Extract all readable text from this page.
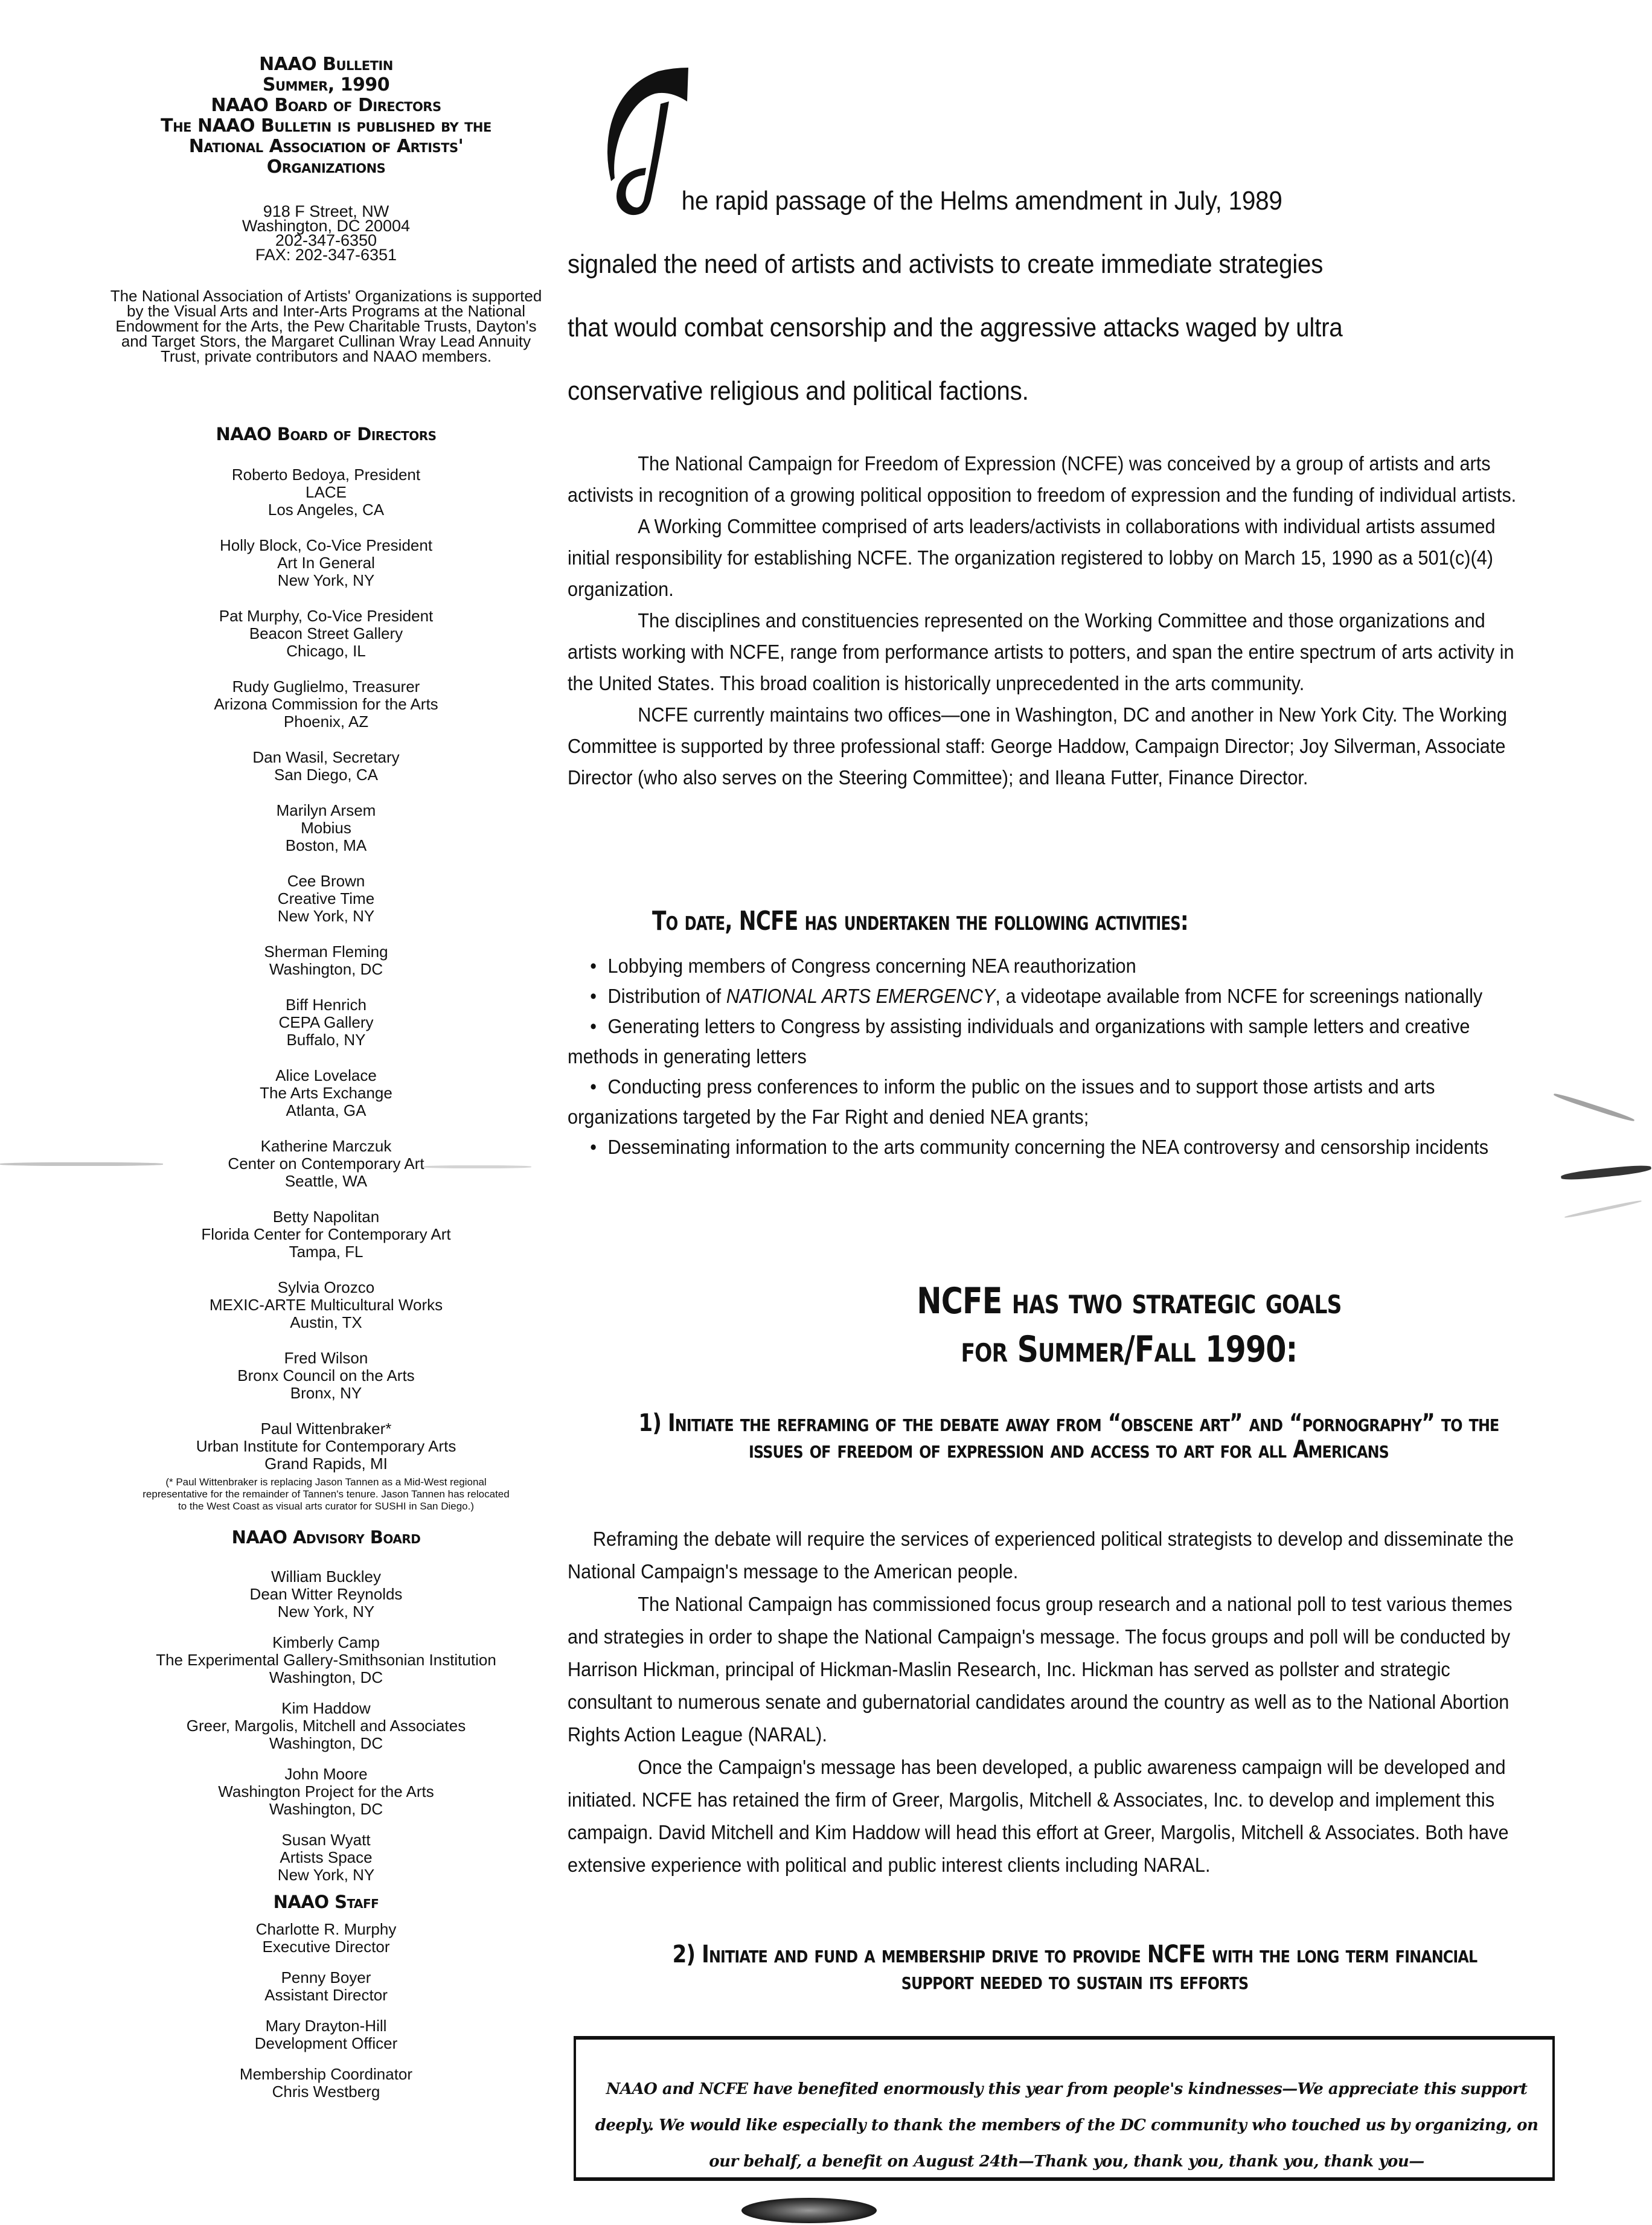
NAAO Bulletin
Summer, 1990
NAAO Board of Directors
The NAAO Bulletin is published by the
National Association of Artists'
Organizations
918 F Street, NW
Washington, DC 20004
202-347-6350
FAX: 202-347-6351
The National Association of Artists' Organizations is supported by the Visual Arts and Inter-Arts Programs at the National Endowment for the Arts, the Pew Charitable Trusts, Dayton's and Target Stors, the Margaret Cullinan Wray Lead Annuity Trust, private contributors and NAAO members.
NAAO Board of Directors
Roberto Bedoya, President
LACE
Los Angeles, CA
Holly Block, Co-Vice President
Art In General
New York, NY
Pat Murphy, Co-Vice President
Beacon Street Gallery
Chicago, IL
Rudy Guglielmo, Treasurer
Arizona Commission for the Arts
Phoenix, AZ
Dan Wasil, Secretary
San Diego, CA
Marilyn Arsem
Mobius
Boston, MA
Cee Brown
Creative Time
New York, NY
Sherman Fleming
Washington, DC
Biff Henrich
CEPA Gallery
Buffalo, NY
Alice Lovelace
The Arts Exchange
Atlanta, GA
Katherine Marczuk
Center on Contemporary Art
Seattle, WA
Betty Napolitan
Florida Center for Contemporary Art
Tampa, FL
Sylvia Orozco
MEXIC-ARTE Multicultural Works
Austin, TX
Fred Wilson
Bronx Council on the Arts
Bronx, NY
Paul Wittenbraker*
Urban Institute for Contemporary Arts
Grand Rapids, MI
(* Paul Wittenbraker is replacing Jason Tannen as a Mid-West regional
representative for the remainder of Tannen's tenure. Jason Tannen has relocated
to the West Coast as visual arts curator for SUSHI in San Diego.)
NAAO Advisory Board
William Buckley
Dean Witter Reynolds
New York, NY
Kimberly Camp
The Experimental Gallery-Smithsonian Institution
Washington, DC
Kim Haddow
Greer, Margolis, Mitchell and Associates
Washington, DC
John Moore
Washington Project for the Arts
Washington, DC
Susan Wyatt
Artists Space
New York, NY
NAAO Staff
Charlotte R. Murphy
Executive Director
Penny Boyer
Assistant Director
Mary Drayton-Hill
Development Officer
Membership Coordinator
Chris Westberg
he rapid passage of the Helms amendment in July, 1989
signaled the need of artists and activists to create immediate strategies
that would combat censorship and the aggressive attacks waged by ultra
conservative religious and political factions.

The National Campaign for Freedom of Expression (NCFE) was conceived by a group of artists and arts activists in recognition of a growing political opposition to freedom of expression and the funding of individual artists.

A Working Committee comprised of arts leaders/activists in collaborations with individual artists assumed initial responsibility for establishing NCFE. The organization registered to lobby on March 15, 1990 as a 501(c)(4) organization.

The disciplines and constituencies represented on the Working Committee and those organizations and artists working with NCFE, range from performance artists to potters, and span the entire spectrum of arts activity in the United States. This broad coalition is historically unprecedented in the arts community.

NCFE currently maintains two offices—one in Washington, DC and another in New York City. The Working Committee is supported by three professional staff: George Haddow, Campaign Director; Joy Silverman, Associate Director (who also serves on the Steering Committee); and Ileana Futter, Finance Director.

To date, NCFE has undertaken the following activities:
• Lobbying members of Congress concerning NEA reauthorization
• Distribution of NATIONAL ARTS EMERGENCY, a videotape available from NCFE for screenings nationally
• Generating letters to Congress by assisting individuals and organizations with sample letters and creative methods in generating letters
• Conducting press conferences to inform the public on the issues and to support those artists and arts organizations targeted by the Far Right and denied NEA grants;
• Desseminating information to the arts community concerning the NEA controversy and censorship incidents
NCFE has two strategic goals
for Summer/Fall 1990:
1) Initiate the reframing of the debate away from “obscene art” and “pornography” to the issues of freedom of expression and access to art for all Americans

Reframing the debate will require the services of experienced political strategists to develop and disseminate the National Campaign's message to the American people.

The National Campaign has commissioned focus group research and a national poll to test various themes and strategies in order to shape the National Campaign's message. The focus groups and poll will be conducted by Harrison Hickman, principal of Hickman-Maslin Research, Inc. Hickman has served as pollster and strategic consultant to numerous senate and gubernatorial candidates around the country as well as to the National Abortion Rights Action League (NARAL).

Once the Campaign's message has been developed, a public awareness campaign will be developed and initiated. NCFE has retained the firm of Greer, Margolis, Mitchell & Associates, Inc. to develop and implement this campaign. David Mitchell and Kim Haddow will head this effort at Greer, Margolis, Mitchell & Associates. Both have extensive experience with political and public interest clients including NARAL.

2) Initiate and fund a membership drive to provide NCFE with the long term financial support needed to sustain its efforts
NAAO and NCFE have benefited enormously this year from people's kindnesses—We appreciate this support deeply. We would like especially to thank the members of the DC community who touched us by organizing, on our behalf, a benefit on August 24th—Thank you, thank you, thank you, thank you—
